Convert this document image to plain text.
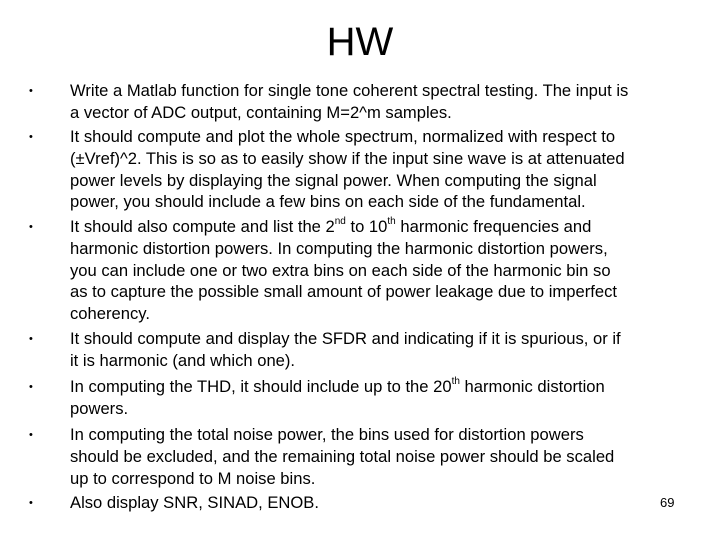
HW
• Write a Matlab function for single tone coherent spectral testing. The input is
a vector of ADC output, containing M=2^m samples.
• It should compute and plot the whole spectrum, normalized with respect to
(±Vref)^2. This is so as to easily show if the input sine wave is at attenuated
power levels by displaying the signal power. When computing the signal
power, you should include a few bins on each side of the fundamental.
• It should also compute and list the 2nd to 10th harmonic frequencies and
harmonic distortion powers. In computing the harmonic distortion powers,
you can include one or two extra bins on each side of the harmonic bin so
as to capture the possible small amount of power leakage due to imperfect
coherency.
• It should compute and display the SFDR and indicating if it is spurious, or if
it is harmonic (and which one).
• In computing the THD, it should include up to the 20th harmonic distortion
powers.
• In computing the total noise power, the bins used for distortion powers
should be excluded, and the remaining total noise power should be scaled
up to correspond to M noise bins.
• Also display SNR, SINAD, ENOB.	69
